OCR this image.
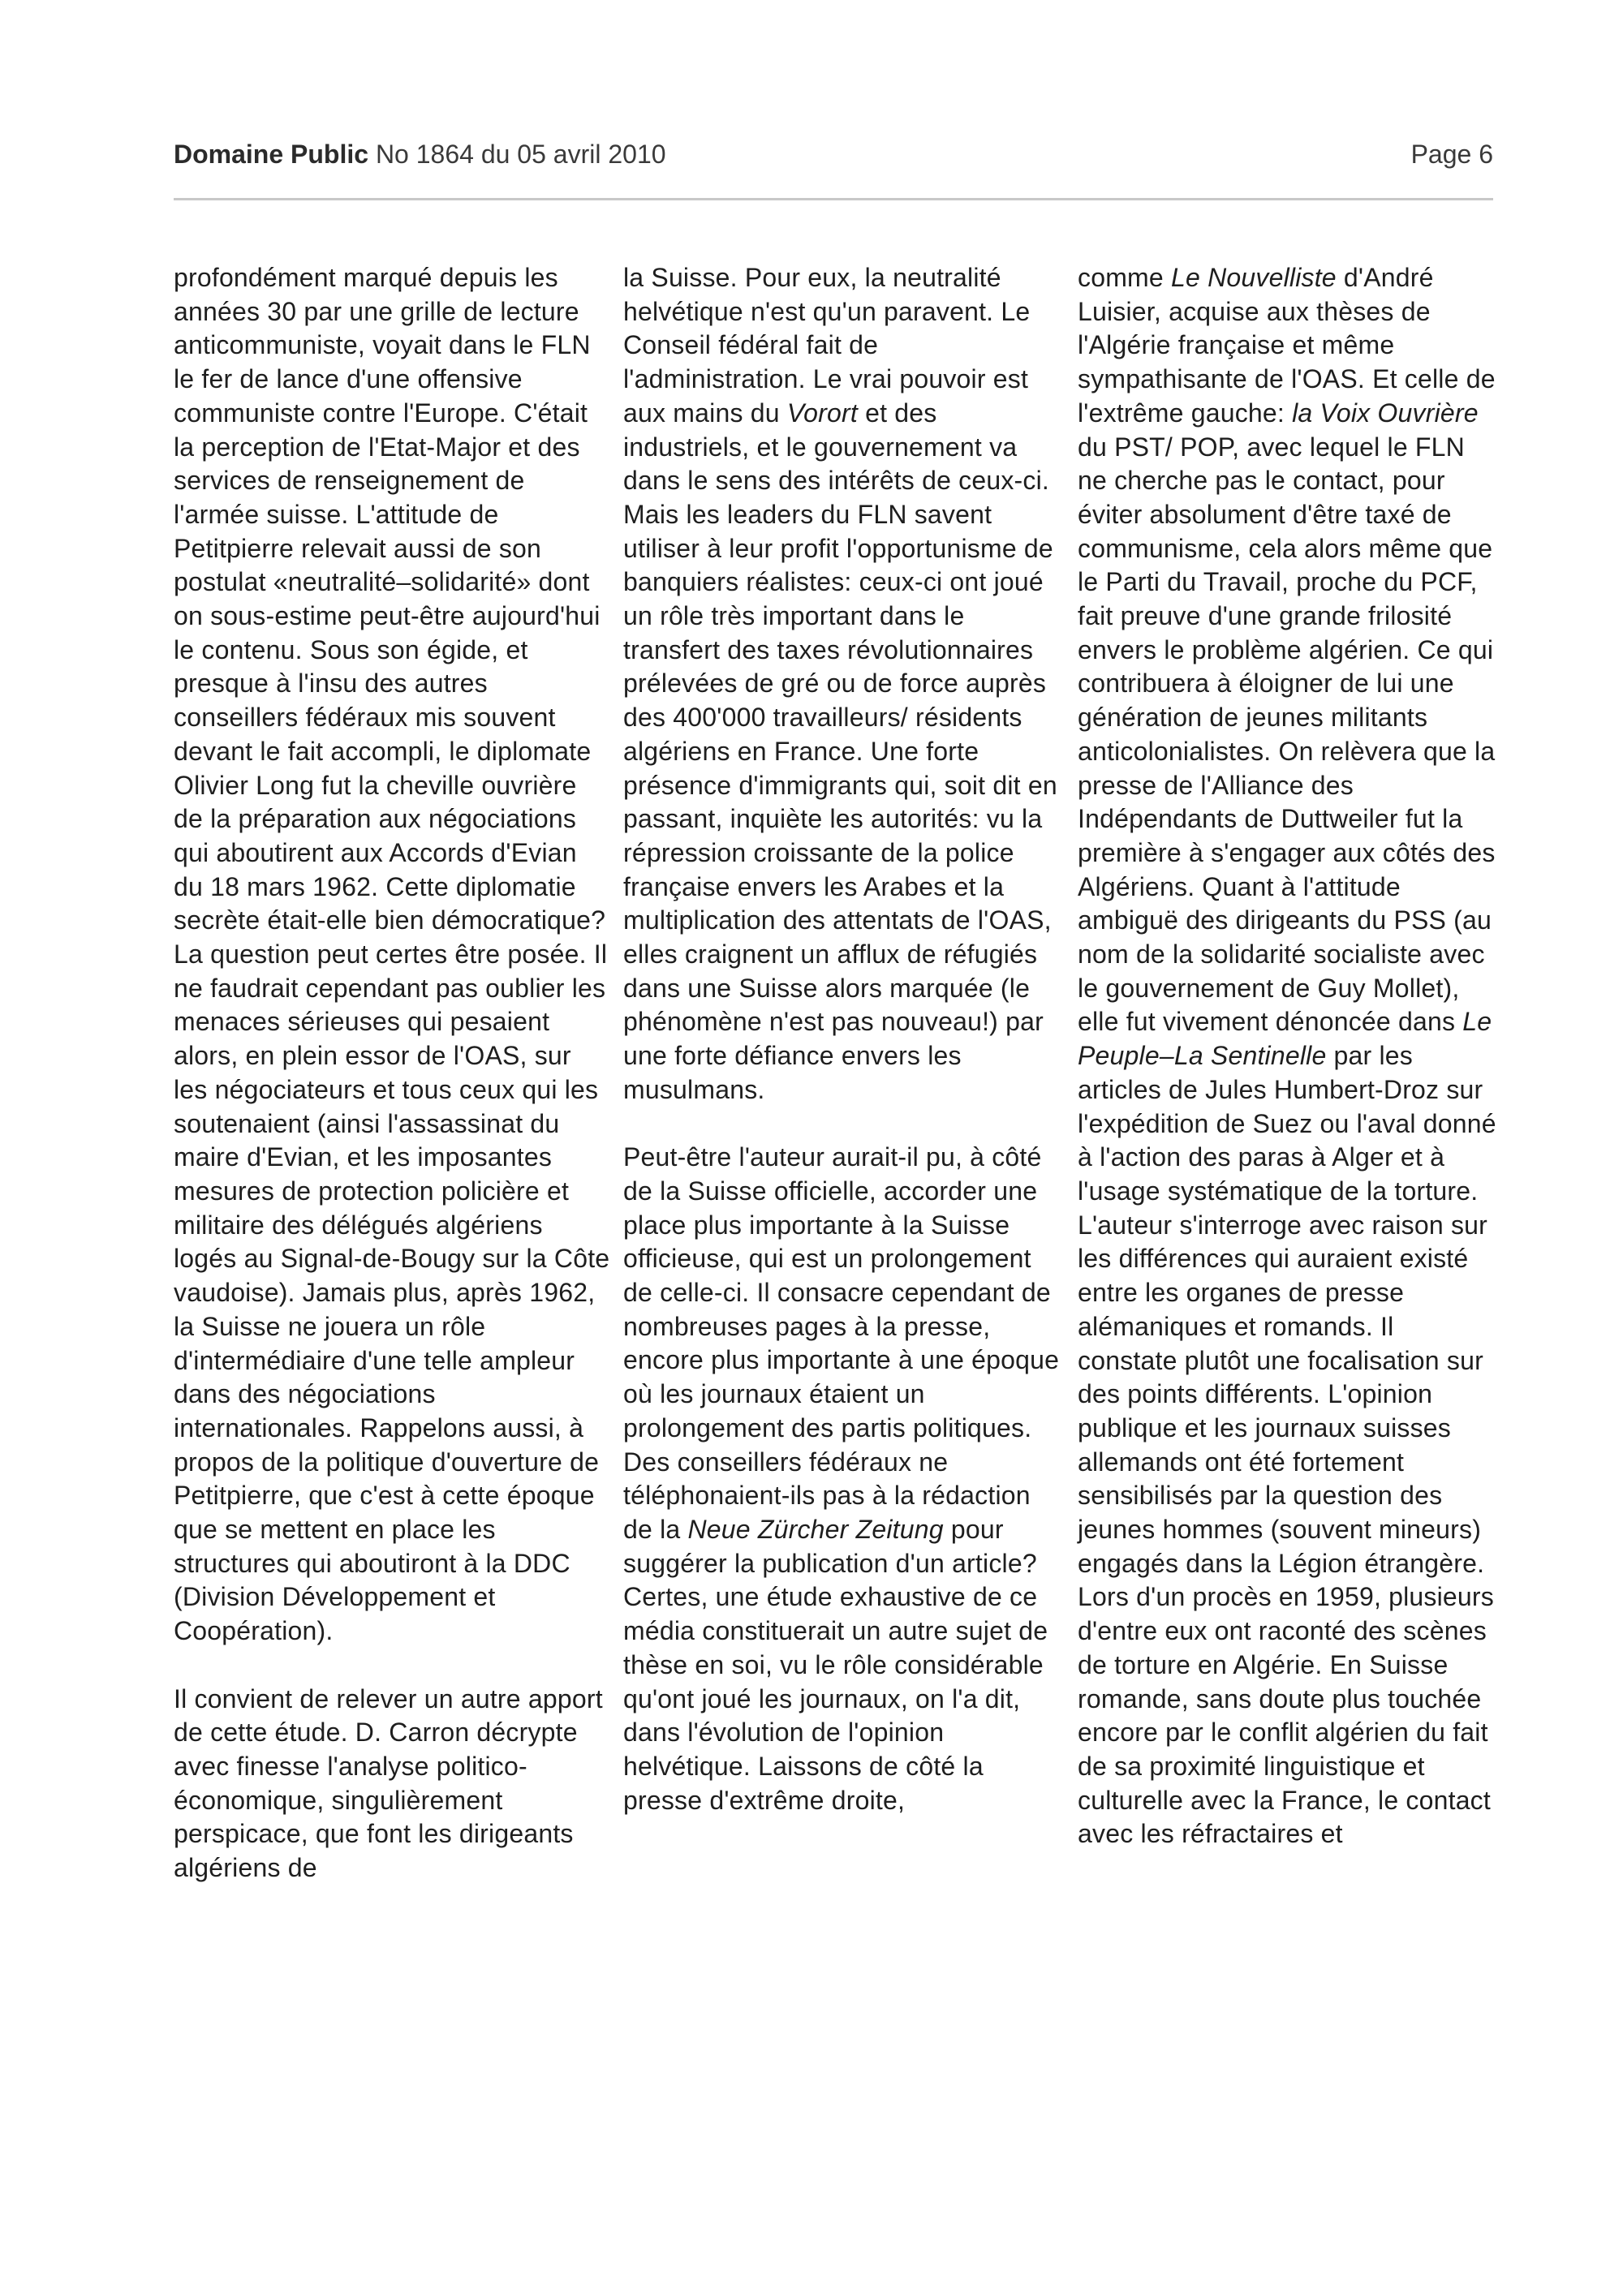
Domaine Public No 1864 du 05 avril 2010	Page 6

profondément marqué depuis les années 30 par une grille de lecture anticommuniste, voyait dans le FLN le fer de lance d'une offensive communiste contre l'Europe. C'était la perception de l'Etat-Major et des services de renseignement de l'armée suisse. L'attitude de Petitpierre relevait aussi de son postulat «neutralité–solidarité» dont on sous-estime peut-être aujourd'hui le contenu. Sous son égide, et presque à l'insu des autres conseillers fédéraux mis souvent devant le fait accompli, le diplomate Olivier Long fut la cheville ouvrière de la préparation aux négociations qui aboutirent aux Accords d'Evian du 18 mars 1962. Cette diplomatie secrète était-elle bien démocratique? La question peut certes être posée. Il ne faudrait cependant pas oublier les menaces sérieuses qui pesaient alors, en plein essor de l'OAS, sur les négociateurs et tous ceux qui les soutenaient (ainsi l'assassinat du maire d'Evian, et les imposantes mesures de protection policière et militaire des délégués algériens logés au Signal-de-Bougy sur la Côte vaudoise). Jamais plus, après 1962, la Suisse ne jouera un rôle d'intermédiaire d'une telle ampleur dans des négociations internationales. Rappelons aussi, à propos de la politique d'ouverture de Petitpierre, que c'est à cette époque que se mettent en place les structures qui aboutiront à la DDC (Division Développement et Coopération).

Il convient de relever un autre apport de cette étude. D. Carron décrypte avec finesse l'analyse politico-économique, singulièrement perspicace, que font les dirigeants algériens de

la Suisse. Pour eux, la neutralité helvétique n'est qu'un paravent. Le Conseil fédéral fait de l'administration. Le vrai pouvoir est aux mains du Vorort et des industriels, et le gouvernement va dans le sens des intérêts de ceux-ci. Mais les leaders du FLN savent utiliser à leur profit l'opportunisme de banquiers réalistes: ceux-ci ont joué un rôle très important dans le transfert des taxes révolutionnaires prélevées de gré ou de force auprès des 400'000 travailleurs/ résidents algériens en France. Une forte présence d'immigrants qui, soit dit en passant, inquiète les autorités: vu la répression croissante de la police française envers les Arabes et la multiplication des attentats de l'OAS, elles craignent un afflux de réfugiés dans une Suisse alors marquée (le phénomène n'est pas nouveau!) par une forte défiance envers les musulmans.

Peut-être l'auteur aurait-il pu, à côté de la Suisse officielle, accorder une place plus importante à la Suisse officieuse, qui est un prolongement de celle-ci. Il consacre cependant de nombreuses pages à la presse, encore plus importante à une époque où les journaux étaient un prolongement des partis politiques. Des conseillers fédéraux ne téléphonaient-ils pas à la rédaction de la Neue Zürcher Zeitung pour suggérer la publication d'un article? Certes, une étude exhaustive de ce média constituerait un autre sujet de thèse en soi, vu le rôle considérable qu'ont joué les journaux, on l'a dit, dans l'évolution de l'opinion helvétique. Laissons de côté la presse d'extrême droite,

comme Le Nouvelliste d'André Luisier, acquise aux thèses de l'Algérie française et même sympathisante de l'OAS. Et celle de l'extrême gauche: la Voix Ouvrière du PST/ POP, avec lequel le FLN ne cherche pas le contact, pour éviter absolument d'être taxé de communisme, cela alors même que le Parti du Travail, proche du PCF, fait preuve d'une grande frilosité envers le problème algérien. Ce qui contribuera à éloigner de lui une génération de jeunes militants anticolonialistes. On relèvera que la presse de l'Alliance des Indépendants de Duttweiler fut la première à s'engager aux côtés des Algériens. Quant à l'attitude ambiguë des dirigeants du PSS (au nom de la solidarité socialiste avec le gouvernement de Guy Mollet), elle fut vivement dénoncée dans Le Peuple–La Sentinelle par les articles de Jules Humbert-Droz sur l'expédition de Suez ou l'aval donné à l'action des paras à Alger et à l'usage systématique de la torture. L'auteur s'interroge avec raison sur les différences qui auraient existé entre les organes de presse alémaniques et romands. Il constate plutôt une focalisation sur des points différents. L'opinion publique et les journaux suisses allemands ont été fortement sensibilisés par la question des jeunes hommes (souvent mineurs) engagés dans la Légion étrangère. Lors d'un procès en 1959, plusieurs d'entre eux ont raconté des scènes de torture en Algérie. En Suisse romande, sans doute plus touchée encore par le conflit algérien du fait de sa proximité linguistique et culturelle avec la France, le contact avec les réfractaires et
